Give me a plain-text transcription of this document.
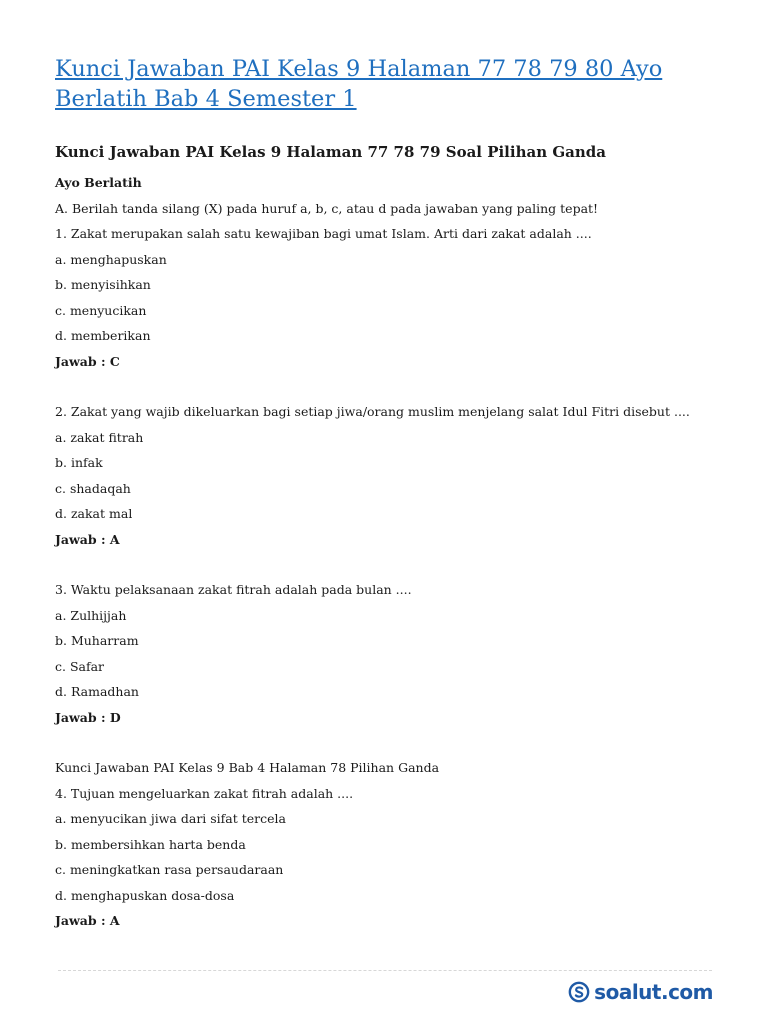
Kunci Jawaban PAI Kelas 9 Halaman 77 78 79 80 Ayo Berlatih Bab 4 Semester 1

Kunci Jawaban PAI Kelas 9 Halaman 77 78 79 Soal Pilihan Ganda

Ayo Berlatih

A. Berilah tanda silang (X) pada huruf a, b, c, atau d pada jawaban yang paling tepat!

1. Zakat merupakan salah satu kewajiban bagi umat Islam. Arti dari zakat adalah ....

a. menghapuskan

b. menyisihkan

c. menyucikan

d. memberikan

Jawab : C

2. Zakat yang wajib dikeluarkan bagi setiap jiwa/orang muslim menjelang salat Idul Fitri disebut ....

a. zakat fitrah

b. infak

c. shadaqah

d. zakat mal

Jawab : A

3. Waktu pelaksanaan zakat fitrah adalah pada bulan ....

a. Zulhijjah

b. Muharram

c. Safar

d. Ramadhan

Jawab : D

Kunci Jawaban PAI Kelas 9 Bab 4 Halaman 78 Pilihan Ganda

4. Tujuan mengeluarkan zakat fitrah adalah ....

a. menyucikan jiwa dari sifat tercela

b. membersihkan harta benda

c. meningkatkan rasa persaudaraan

d. menghapuskan dosa-dosa

Jawab : A

soalut.com
